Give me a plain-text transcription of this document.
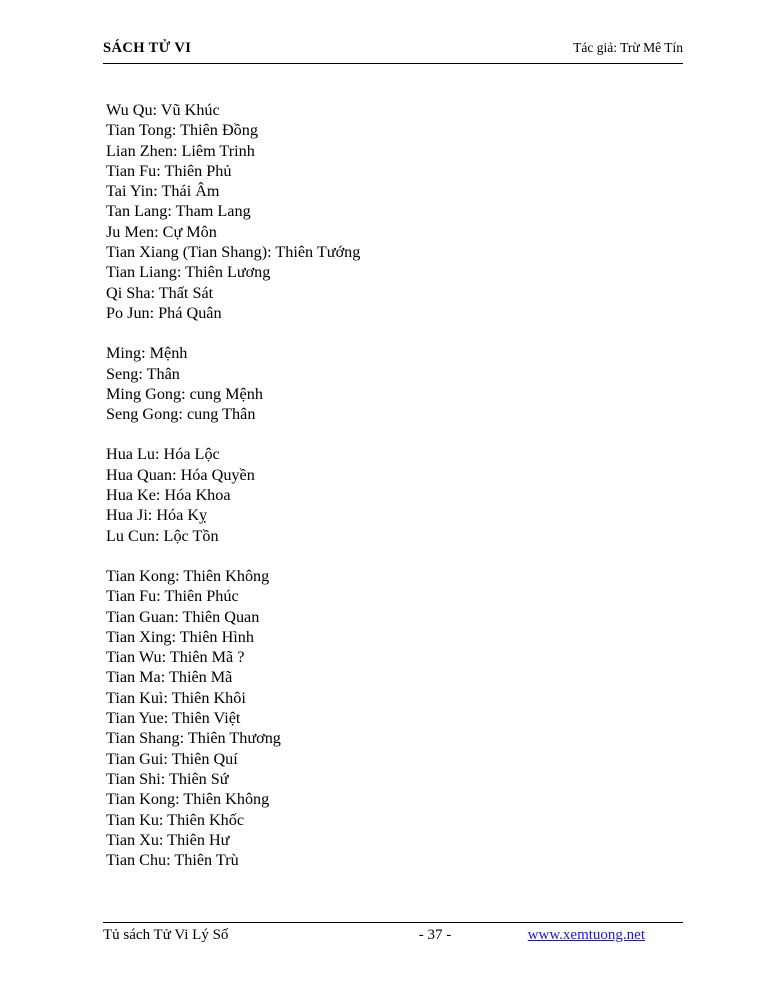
SÁCH TỬ VI	Tác giả: Trừ Mê Tín
Wu Qu: Vũ Khúc
Tian Tong: Thiên Đồng
Lian Zhen: Liêm Trinh
Tian Fu: Thiên Phủ
Tai Yin: Thái Âm
Tan Lang: Tham Lang
Ju Men: Cự Môn
Tian Xiang (Tian Shang): Thiên Tướng
Tian Liang: Thiên Lương
Qi Sha: Thất Sát
Po Jun: Phá Quân
Ming: Mệnh
Seng: Thân
Ming Gong: cung Mệnh
Seng Gong: cung Thân
Hua Lu: Hóa Lộc
Hua Quan: Hóa Quyền
Hua Ke: Hóa Khoa
Hua Ji: Hóa Kỵ
Lu Cun: Lộc Tồn
Tian Kong: Thiên Không
Tian Fu: Thiên Phúc
Tian Guan: Thiên Quan
Tian Xing: Thiên Hình
Tian Wu: Thiên Mã ?
Tian Ma: Thiên Mã
Tian Kuì: Thiên Khôi
Tian Yue: Thiên Việt
Tian Shang: Thiên Thương
Tian Gui: Thiên Quí
Tian Shi: Thiên Sứ
Tian Kong: Thiên Không
Tian Ku: Thiên Khốc
Tian Xu: Thiên Hư
Tian Chu: Thiên Trù
Tủ sách Tử Vi Lý Số	- 37 -	www.xemtuong.net
